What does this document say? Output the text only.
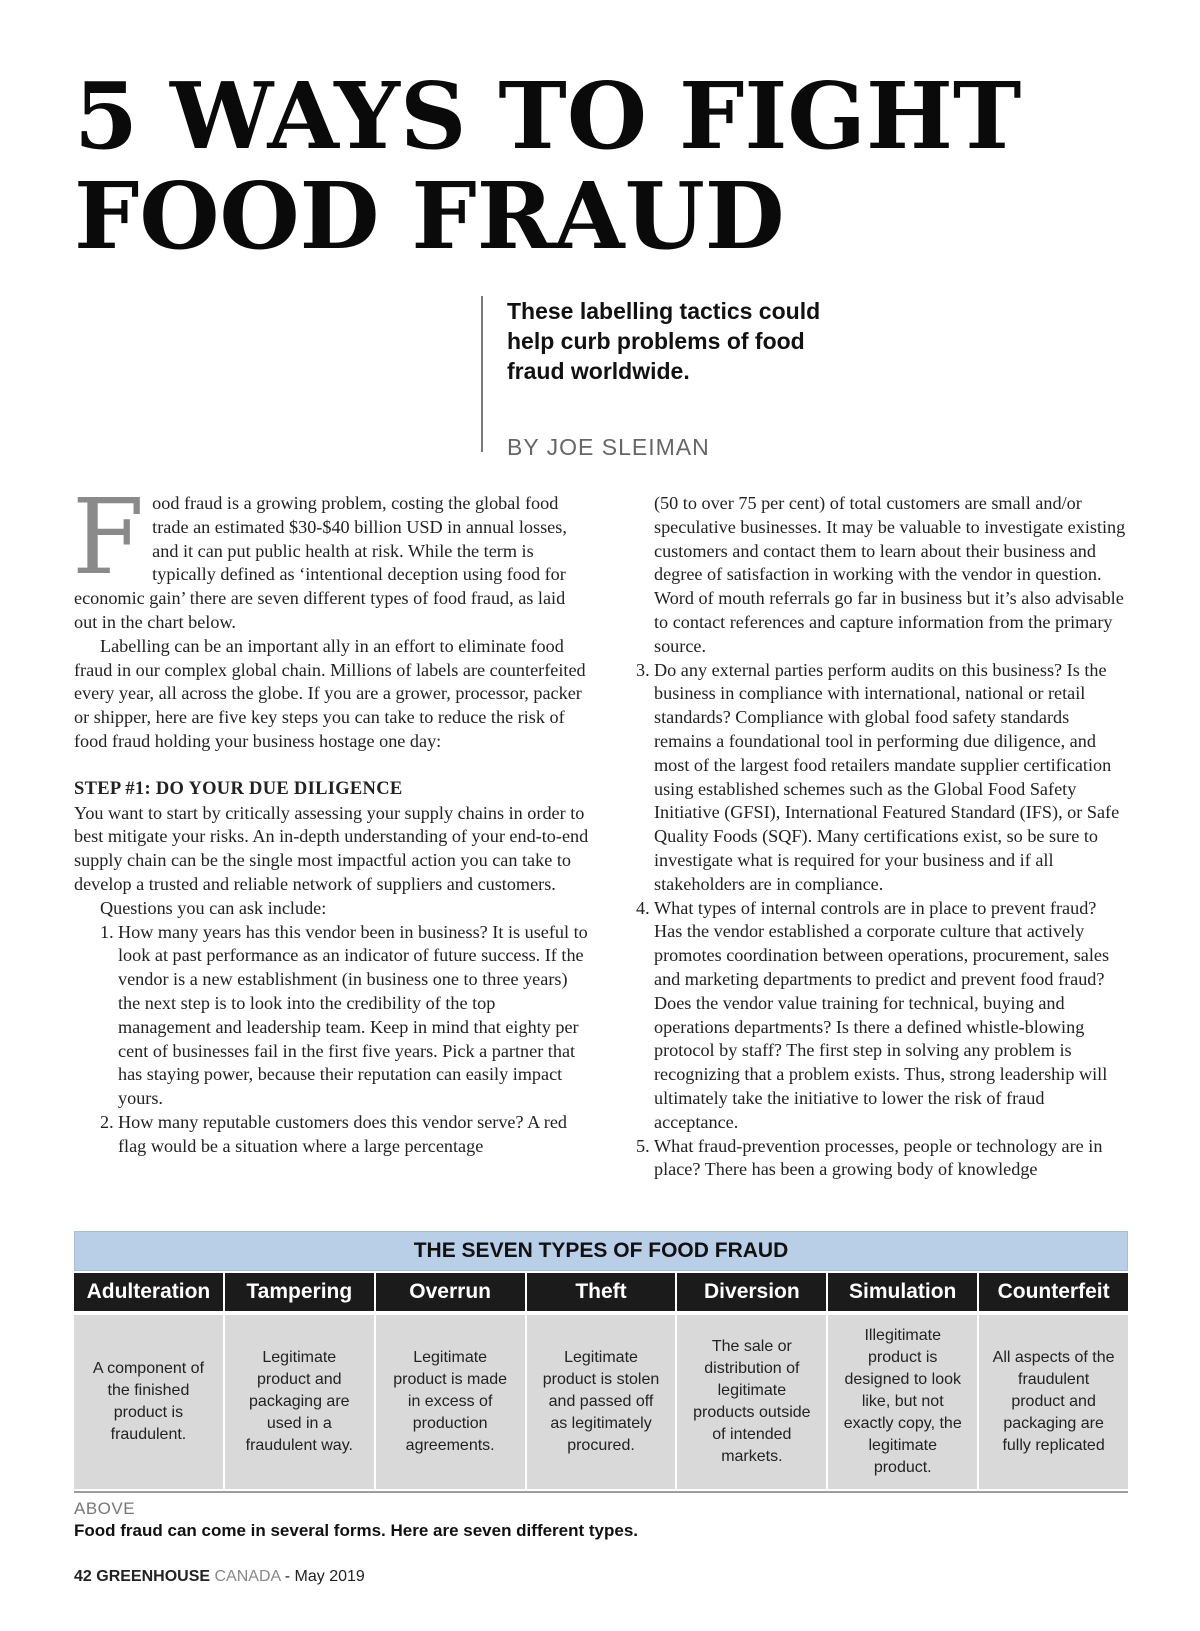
5 WAYS TO FIGHT FOOD FRAUD

These labelling tactics could help curb problems of food fraud worldwide.

BY JOE SLEIMAN

Food fraud is a growing problem, costing the global food trade an estimated $30-$40 billion USD in annual losses, and it can put public health at risk. While the term is typically defined as ‘intentional deception using food for economic gain’ there are seven different types of food fraud, as laid out in the chart below.

Labelling can be an important ally in an effort to eliminate food fraud in our complex global chain. Millions of labels are counterfeited every year, all across the globe. If you are a grower, processor, packer or shipper, here are five key steps you can take to reduce the risk of food fraud holding your business hostage one day:

STEP #1: DO YOUR DUE DILIGENCE

You want to start by critically assessing your supply chains in order to best mitigate your risks. An in-depth understanding of your end-to-end supply chain can be the single most impactful action you can take to develop a trusted and reliable network of suppliers and customers.

Questions you can ask include:

1. How many years has this vendor been in business? It is useful to look at past performance as an indicator of future success. If the vendor is a new establishment (in business one to three years) the next step is to look into the credibility of the top management and leadership team. Keep in mind that eighty per cent of businesses fail in the first five years. Pick a partner that has staying power, because their reputation can easily impact yours.
2. How many reputable customers does this vendor serve? A red flag would be a situation where a large percentage

(50 to over 75 per cent) of total customers are small and/or speculative businesses. It may be valuable to investigate existing customers and contact them to learn about their business and degree of satisfaction in working with the vendor in question. Word of mouth referrals go far in business but it’s also advisable to contact references and capture information from the primary source.

3. Do any external parties perform audits on this business? Is the business in compliance with international, national or retail standards? Compliance with global food safety standards remains a foundational tool in performing due diligence, and most of the largest food retailers mandate supplier certification using established schemes such as the Global Food Safety Initiative (GFSI), International Featured Standard (IFS), or Safe Quality Foods (SQF). Many certifications exist, so be sure to investigate what is required for your business and if all stakeholders are in compliance.
4. What types of internal controls are in place to prevent fraud? Has the vendor established a corporate culture that actively promotes coordination between operations, procurement, sales and marketing departments to predict and prevent food fraud? Does the vendor value training for technical, buying and operations departments? Is there a defined whistle-blowing protocol by staff? The first step in solving any problem is recognizing that a problem exists. Thus, strong leadership will ultimately take the initiative to lower the risk of fraud acceptance.
5. What fraud-prevention processes, people or technology are in place? There has been a growing body of knowledge
THE SEVEN TYPES OF FOOD FRAUD
Adulteration
A component of the finished product is fraudulent.
Tampering
Legitimate product and packaging are used in a fraudulent way.
Overrun
Legitimate product is made in excess of production agreements.
Theft
Legitimate product is stolen and passed off as legitimately procured.
Diversion
The sale or distribution of legitimate products outside of intended markets.
Simulation
Illegitimate product is designed to look like, but not exactly copy, the legitimate product.
Counterfeit
All aspects of the fraudulent product and packaging are fully replicated
ABOVE
Food fraud can come in several forms. Here are seven different types.
42 GREENHOUSE CANADA - May 2019
